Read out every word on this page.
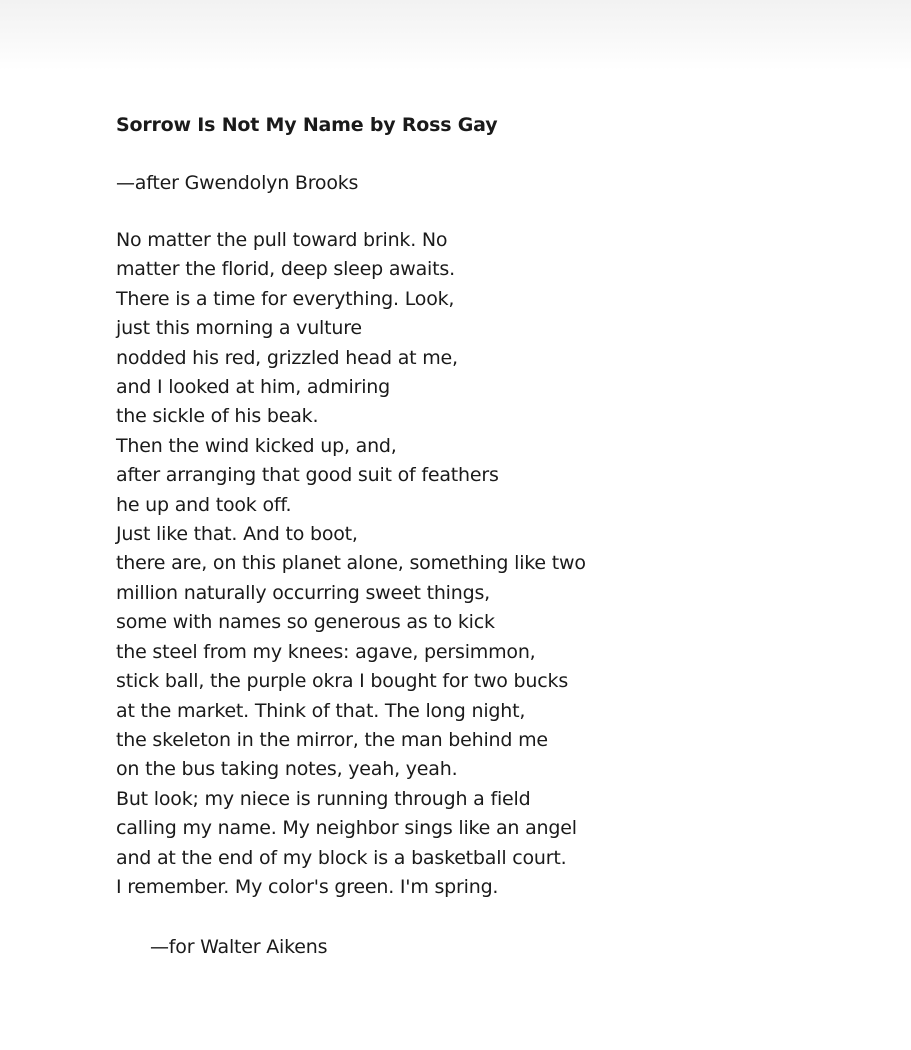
Sorrow Is Not My Name by Ross Gay

—after Gwendolyn Brooks

No matter the pull toward brink. No
matter the florid, deep sleep awaits.
There is a time for everything. Look,
just this morning a vulture
nodded his red, grizzled head at me,
and I looked at him, admiring
the sickle of his beak.
Then the wind kicked up, and,
after arranging that good suit of feathers
he up and took off.
Just like that. And to boot,
there are, on this planet alone, something like two
million naturally occurring sweet things,
some with names so generous as to kick
the steel from my knees: agave, persimmon,
stick ball, the purple okra I bought for two bucks
at the market. Think of that. The long night,
the skeleton in the mirror, the man behind me
on the bus taking notes, yeah, yeah.
But look; my niece is running through a field
calling my name. My neighbor sings like an angel
and at the end of my block is a basketball court.
I remember. My color's green. I'm spring.

—for Walter Aikens
